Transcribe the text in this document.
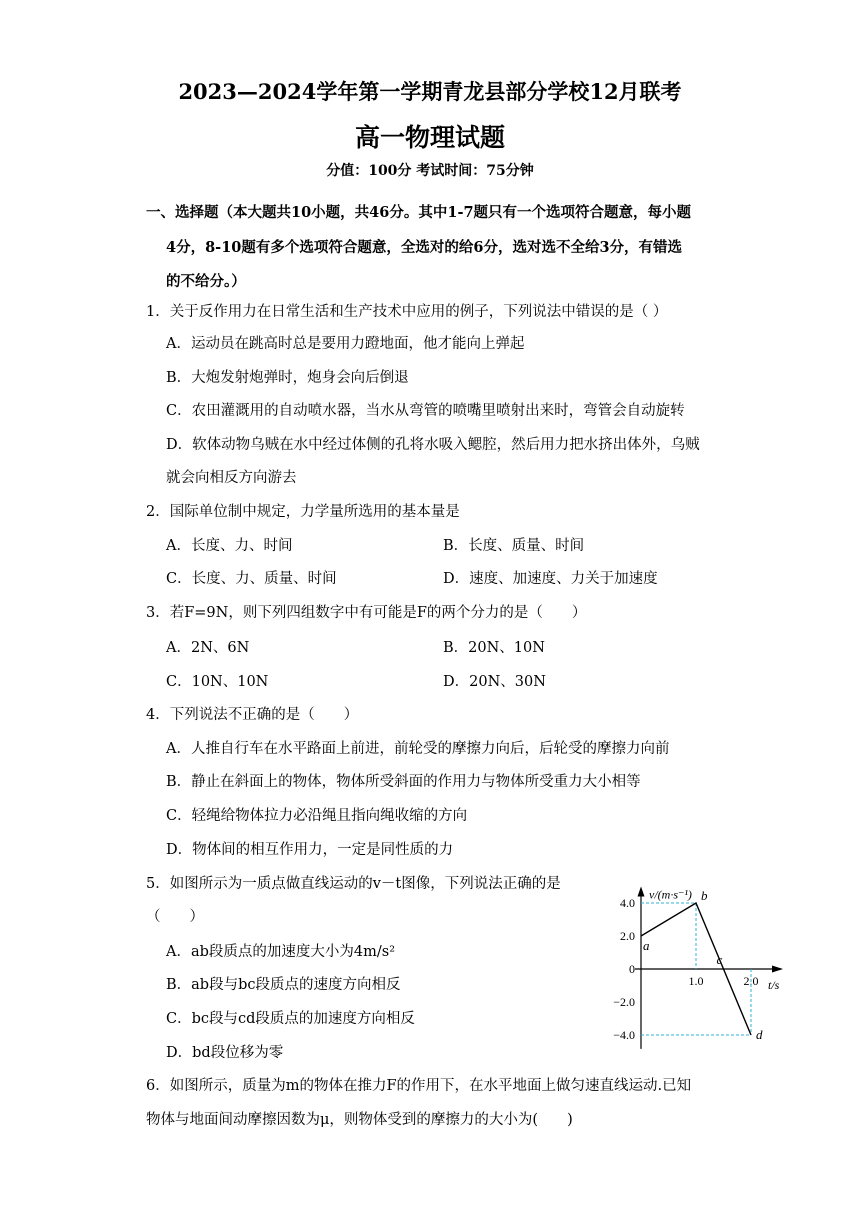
2023—2024学年第一学期青龙县部分学校12月联考
高一物理试题
分值：100分 考试时间：75分钟
一、选择题（本大题共10小题，共46分。其中1-7题只有一个选项符合题意，每小题
4分，8-10题有多个选项符合题意，全选对的给6分，选对选不全给3分，有错选
的不给分。）
1．关于反作用力在日常生活和生产技术中应用的例子，下列说法中错误的是（ ）
A．运动员在跳高时总是要用力蹬地面，他才能向上弹起
B．大炮发射炮弹时，炮身会向后倒退
C．农田灌溉用的自动喷水器，当水从弯管的喷嘴里喷射出来时，弯管会自动旋转
D．软体动物乌贼在水中经过体侧的孔将水吸入鳃腔，然后用力把水挤出体外，乌贼
就会向相反方向游去
2．国际单位制中规定，力学量所选用的基本量是
A．长度、力、时间	B．长度、质量、时间
C．长度、力、质量、时间	D．速度、加速度、力关于加速度
3．若F=9N，则下列四组数字中有可能是F的两个分力的是（　　）
A．2N、6N	B．20N、10N
C．10N、10N	D．20N、30N
4．下列说法不正确的是（　　）
A．人推自行车在水平路面上前进，前轮受的摩擦力向后，后轮受的摩擦力向前
B．静止在斜面上的物体，物体所受斜面的作用力与物体所受重力大小相等
C．轻绳给物体拉力必沿绳且指向绳收缩的方向
D．物体间的相互作用力，一定是同性质的力
5．如图所示为一质点做直线运动的v－t图像，下列说法正确的是
（　　）
A．ab段质点的加速度大小为4m/s²
B．ab段与bc段质点的速度方向相反
C．bc段与cd段质点的加速度方向相反
D．bd段位移为零
6．如图所示，质量为m的物体在推力F的作用下，在水平地面上做匀速直线运动.已知
物体与地面间动摩擦因数为μ，则物体受到的摩擦力的大小为(　　)
v/(m·s⁻¹)
t/s
4.0
2.0
0
−2.0
−4.0
1.0	2.0
a
b
c
d
